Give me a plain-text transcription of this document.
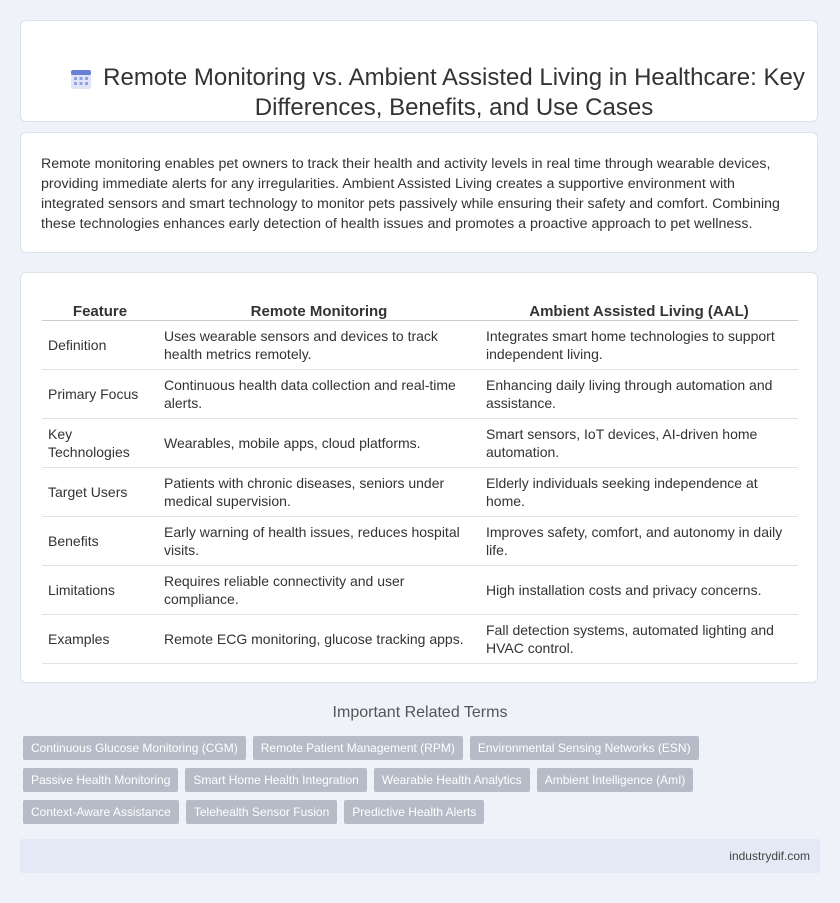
Remote Monitoring vs. Ambient Assisted Living in Healthcare: Key Differences, Benefits, and Use Cases

Remote monitoring enables pet owners to track their health and activity levels in real time through wearable devices, providing immediate alerts for any irregularities. Ambient Assisted Living creates a supportive environment with integrated sensors and smart technology to monitor pets passively while ensuring their safety and comfort. Combining these technologies enhances early detection of health issues and promotes a proactive approach to pet wellness.

Feature	Remote Monitoring	Ambient Assisted Living (AAL)
Definition	Uses wearable sensors and devices to track health metrics remotely.	Integrates smart home technologies to support independent living.
Primary Focus	Continuous health data collection and real-time alerts.	Enhancing daily living through automation and assistance.
Key Technologies	Wearables, mobile apps, cloud platforms.	Smart sensors, IoT devices, AI-driven home automation.
Target Users	Patients with chronic diseases, seniors under medical supervision.	Elderly individuals seeking independence at home.
Benefits	Early warning of health issues, reduces hospital visits.	Improves safety, comfort, and autonomy in daily life.
Limitations	Requires reliable connectivity and user compliance.	High installation costs and privacy concerns.
Examples	Remote ECG monitoring, glucose tracking apps.	Fall detection systems, automated lighting and HVAC control.
Important Related Terms
Continuous Glucose Monitoring (CGM)	Remote Patient Management (RPM)	Environmental Sensing Networks (ESN)
Passive Health Monitoring	Smart Home Health Integration	Wearable Health Analytics	Ambient Intelligence (AmI)
Context-Aware Assistance	Telehealth Sensor Fusion	Predictive Health Alerts
industrydif.com
